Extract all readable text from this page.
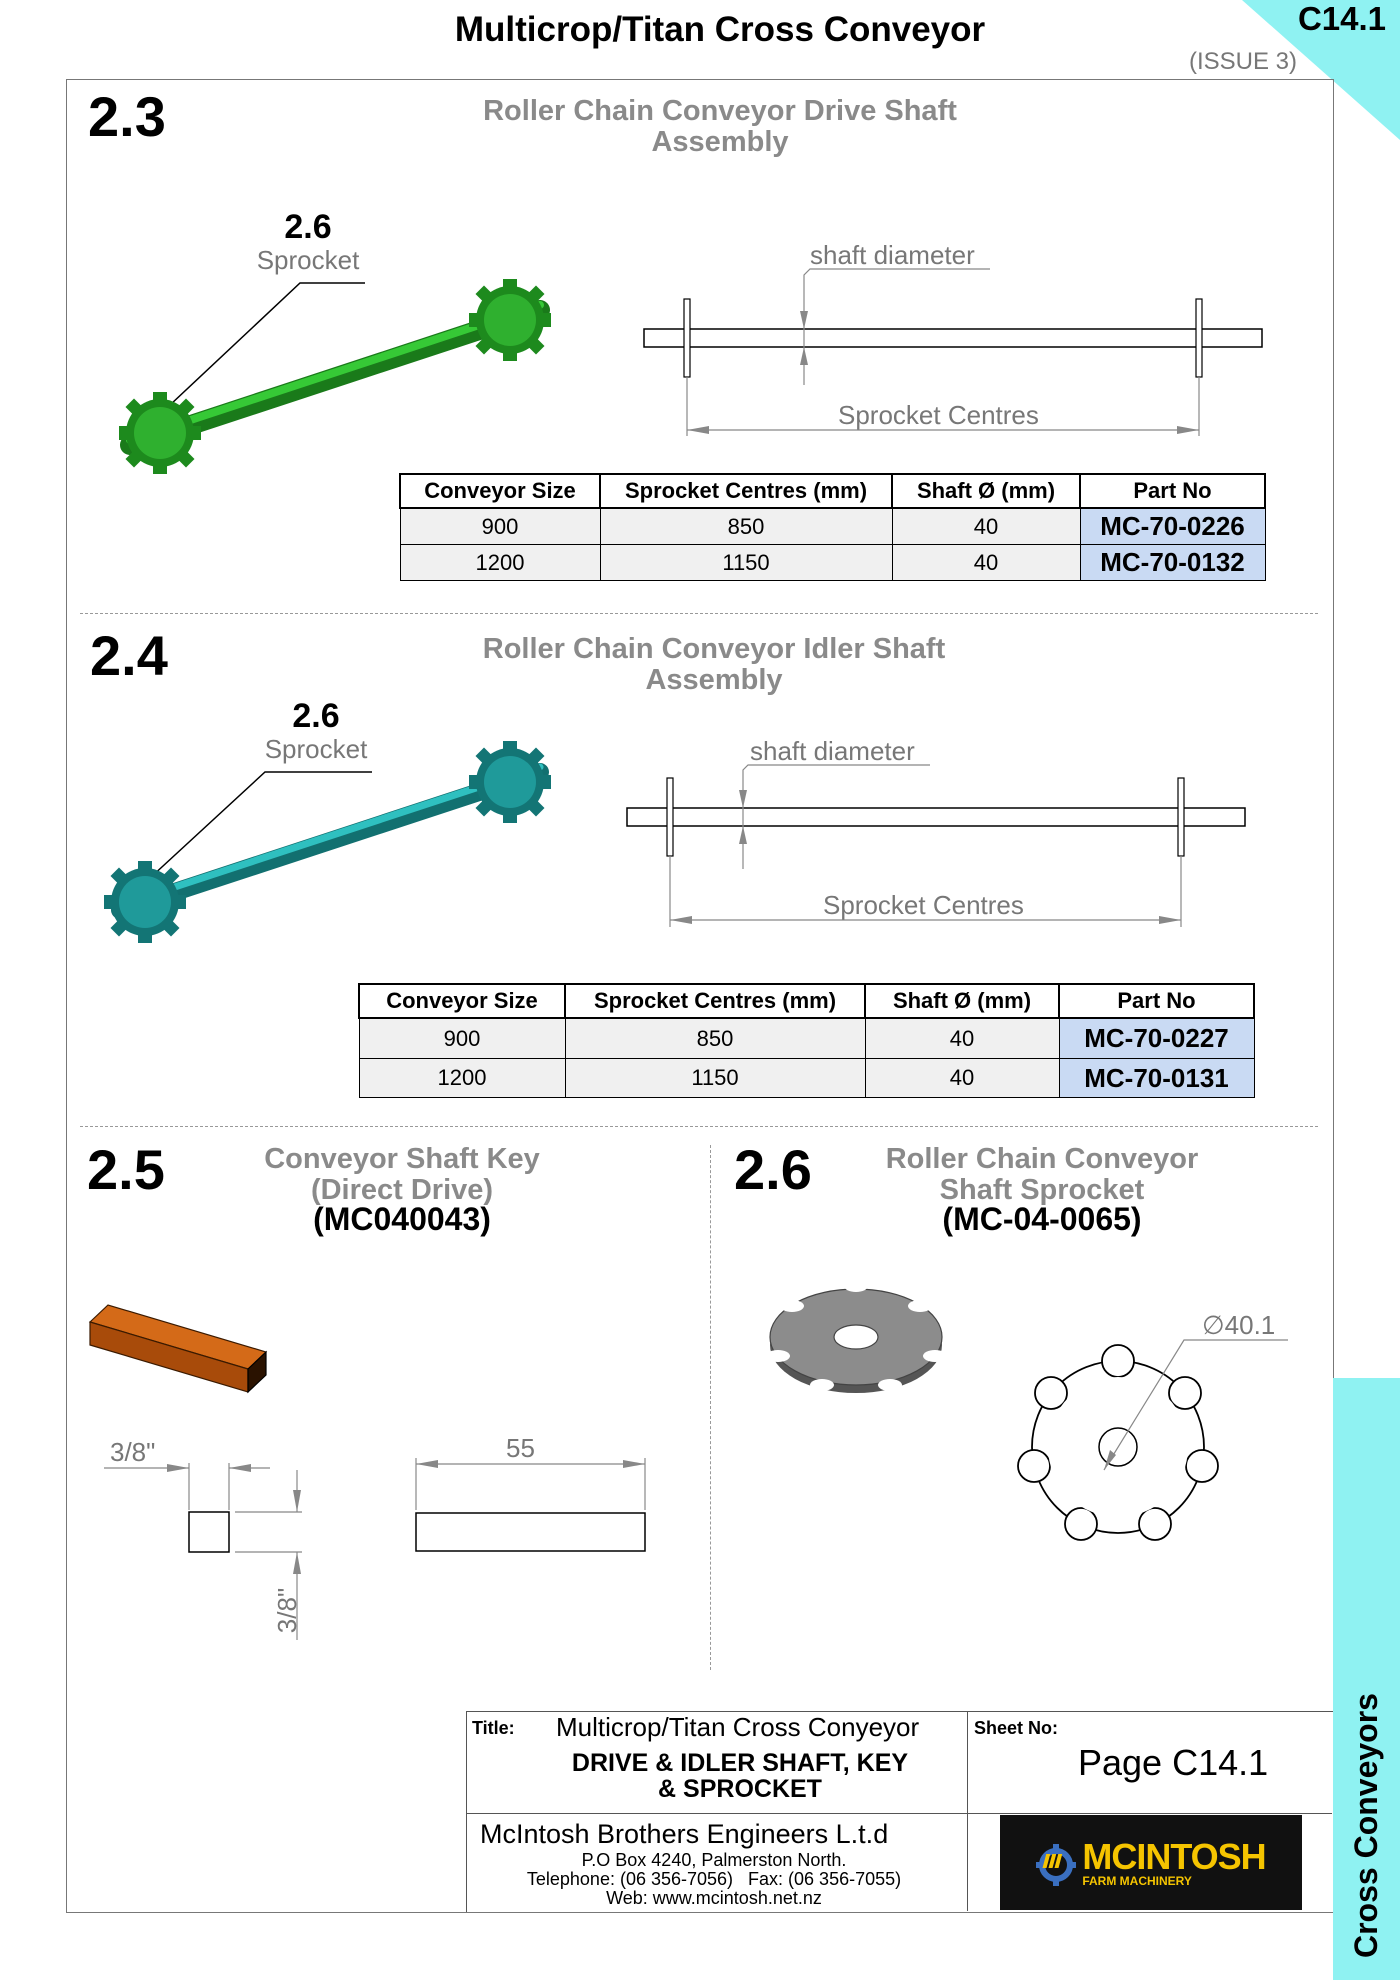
Multicrop/Titan Cross Conveyor
(ISSUE 3)
C14.1
Cross Conveyors
2.3	Roller Chain Conveyor Drive Shaft
Assembly
2.6
Sprocket	shaft diameter
Sprocket Centres
Conveyor Size	Sprocket Centres (mm)	Shaft Ø (mm)	Part No
900	850	40	MC-70-0226
1200	1150	40	MC-70-0132
2.4	Roller Chain Conveyor Idler Shaft
Assembly
2.6
Sprocket	shaft diameter
Sprocket Centres
Conveyor Size	Sprocket Centres (mm)	Shaft Ø (mm)	Part No
900	850	40	MC-70-0227
1200	1150	40	MC-70-0131
2.5	Conveyor Shaft Key
(Direct Drive)
(MC040043)
3/8"
3/8"
55
2.6	Roller Chain Conveyor
Shaft Sprocket
(MC-04-0065)
∅40.1
Title: Multicrop/Titan Cross Conyeyor
DRIVE & IDLER SHAFT, KEY
& SPROCKET
Sheet No:
Page C14.1
McIntosh Brothers Engineers L.t.d
P.O Box 4240, Palmerston North.
Telephone: (06 356-7056)   Fax: (06 356-7055)
Web: www.mcintosh.net.nz
MCINTOSH
FARM MACHINERY
